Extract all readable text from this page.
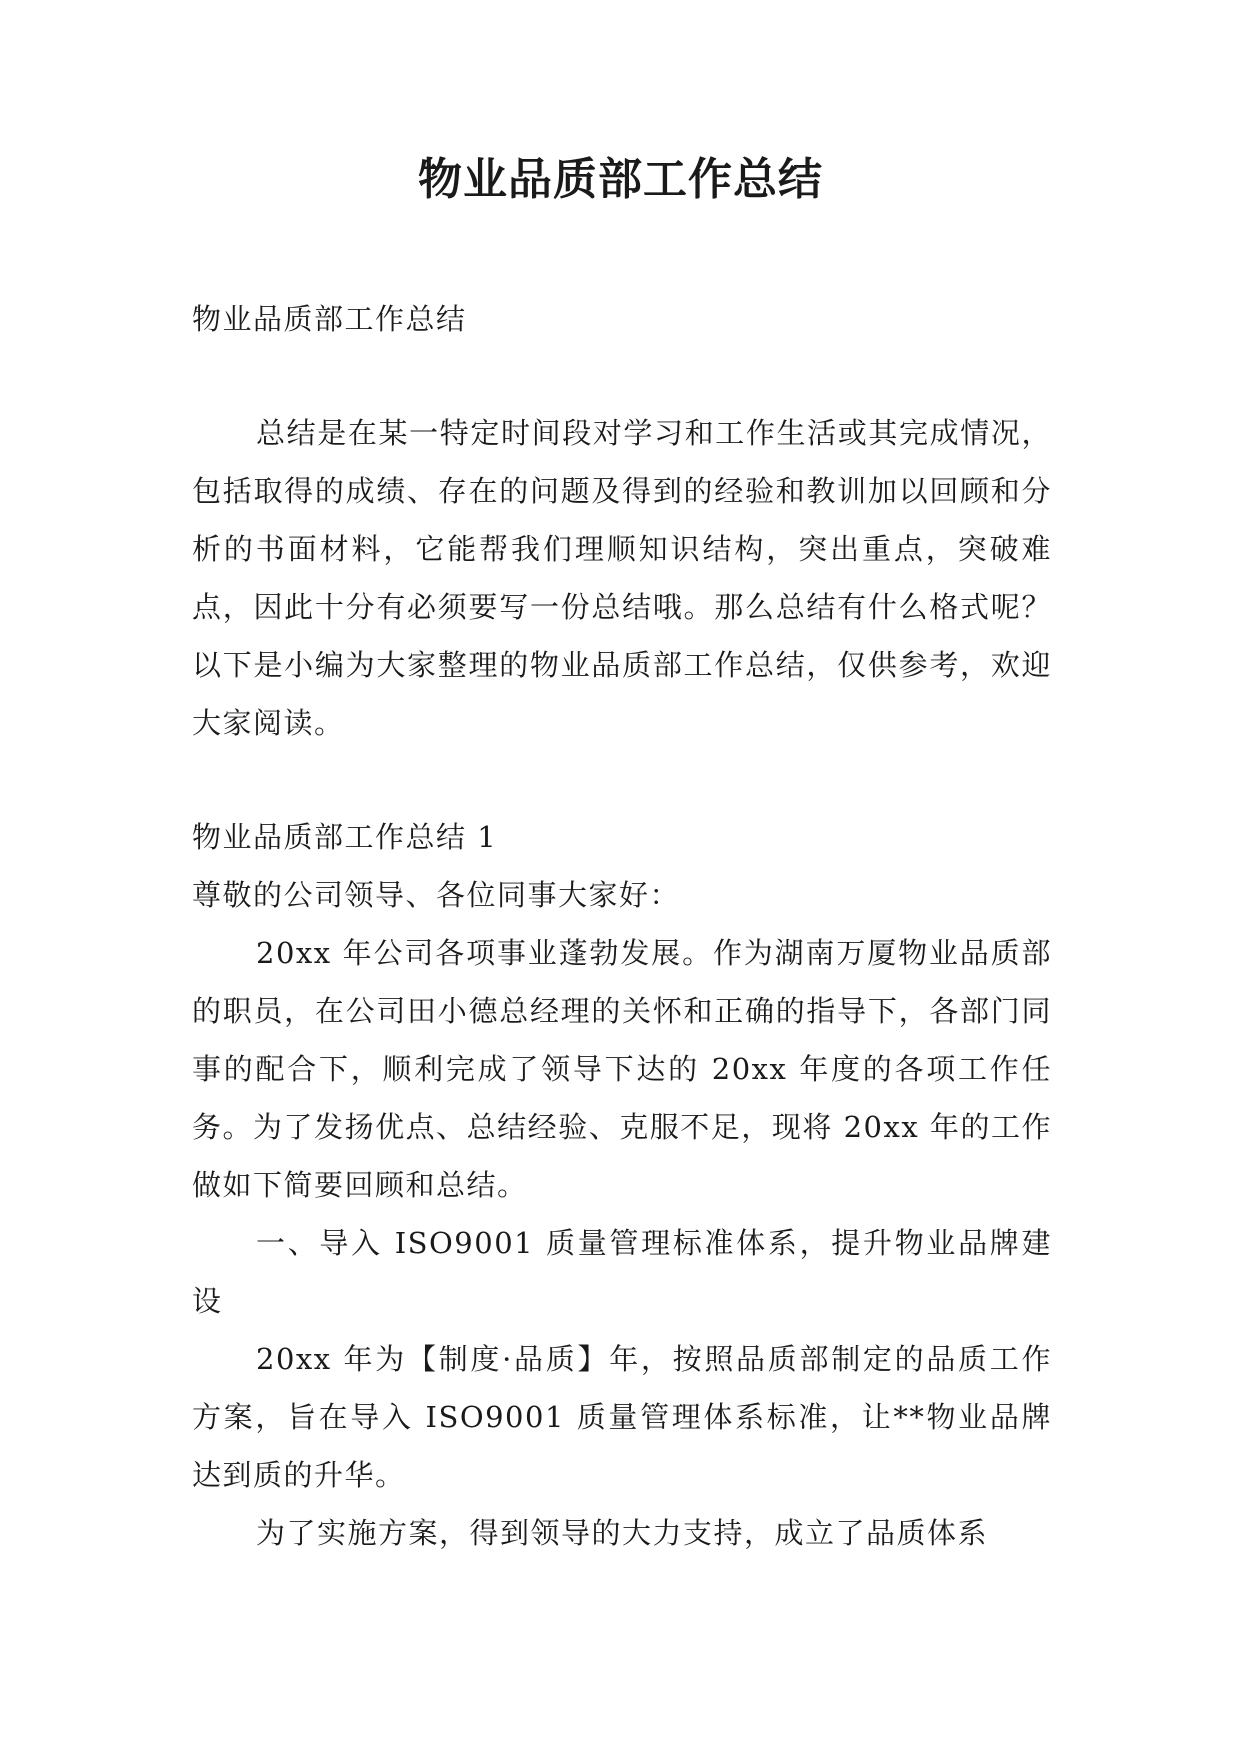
物业品质部工作总结

物业品质部工作总结

总结是在某一特定时间段对学习和工作生活或其完成情况，包括取得的成绩、存在的问题及得到的经验和教训加以回顾和分析的书面材料，它能帮我们理顺知识结构，突出重点，突破难点，因此十分有必须要写一份总结哦。那么总结有什么格式呢？以下是小编为大家整理的物业品质部工作总结，仅供参考，欢迎大家阅读。

物业品质部工作总结 1

尊敬的公司领导、各位同事大家好：

20xx 年公司各项事业蓬勃发展。作为湖南万厦物业品质部的职员，在公司田小德总经理的关怀和正确的指导下，各部门同事的配合下，顺利完成了领导下达的 20xx 年度的各项工作任务。为了发扬优点、总结经验、克服不足，现将 20xx 年的工作做如下简要回顾和总结。

一、导入 ISO9001 质量管理标准体系，提升物业品牌建设

20xx 年为【制度·品质】年，按照品质部制定的品质工作方案，旨在导入 ISO9001 质量管理体系标准，让**物业品牌达到质的升华。

为了实施方案，得到领导的大力支持，成立了品质体系
